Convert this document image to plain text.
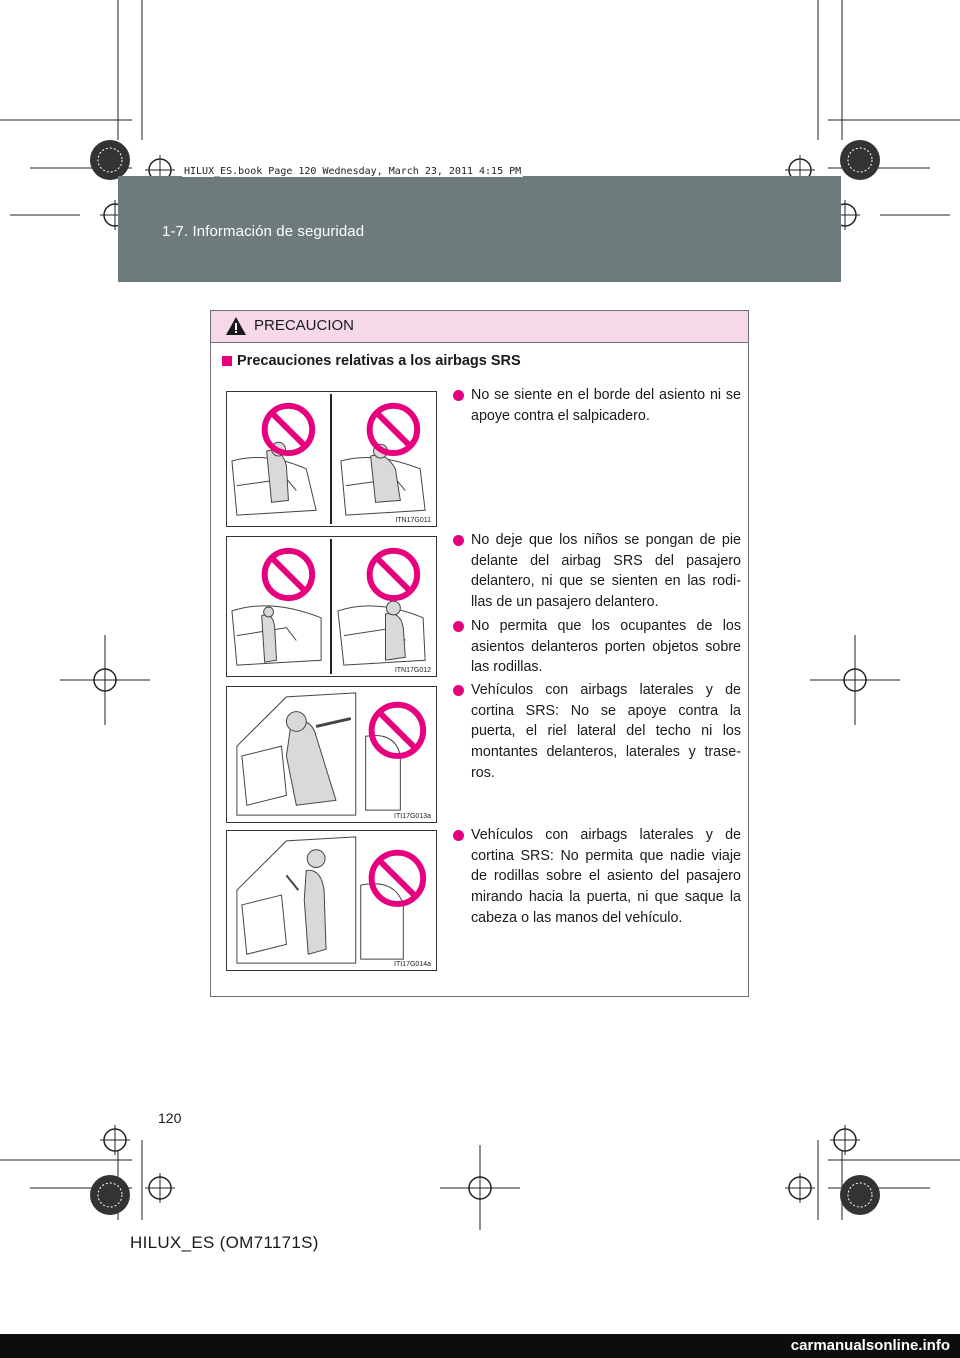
1-7. Información de seguridad
HILUX_ES.book Page 120 Wednesday, March 23, 2011 4:15 PM
PRECAUCION
Precauciones relativas a los airbags SRS
ITN17G011
ITN17G012
ITI17G013a
ITI17G014a
No se siente en el borde del asiento ni se apoye contra el salpicadero.
No deje que los niños se pongan de pie delante del airbag SRS del pasajero delantero, ni que se sienten en las rodi-llas de un pasajero delantero.
No permita que los ocupantes de los asientos delanteros porten objetos sobre las rodillas.
Vehículos con airbags laterales y de cortina SRS: No se apoye contra la puerta, el riel lateral del techo ni los montantes delanteros, laterales y trase-ros.
Vehículos con airbags laterales y de cortina SRS: No permita que nadie viaje de rodillas sobre el asiento del pasajero mirando hacia la puerta, ni que saque la cabeza o las manos del vehículo.
120
HILUX_ES (OM71171S)
carmanualsonline.info
